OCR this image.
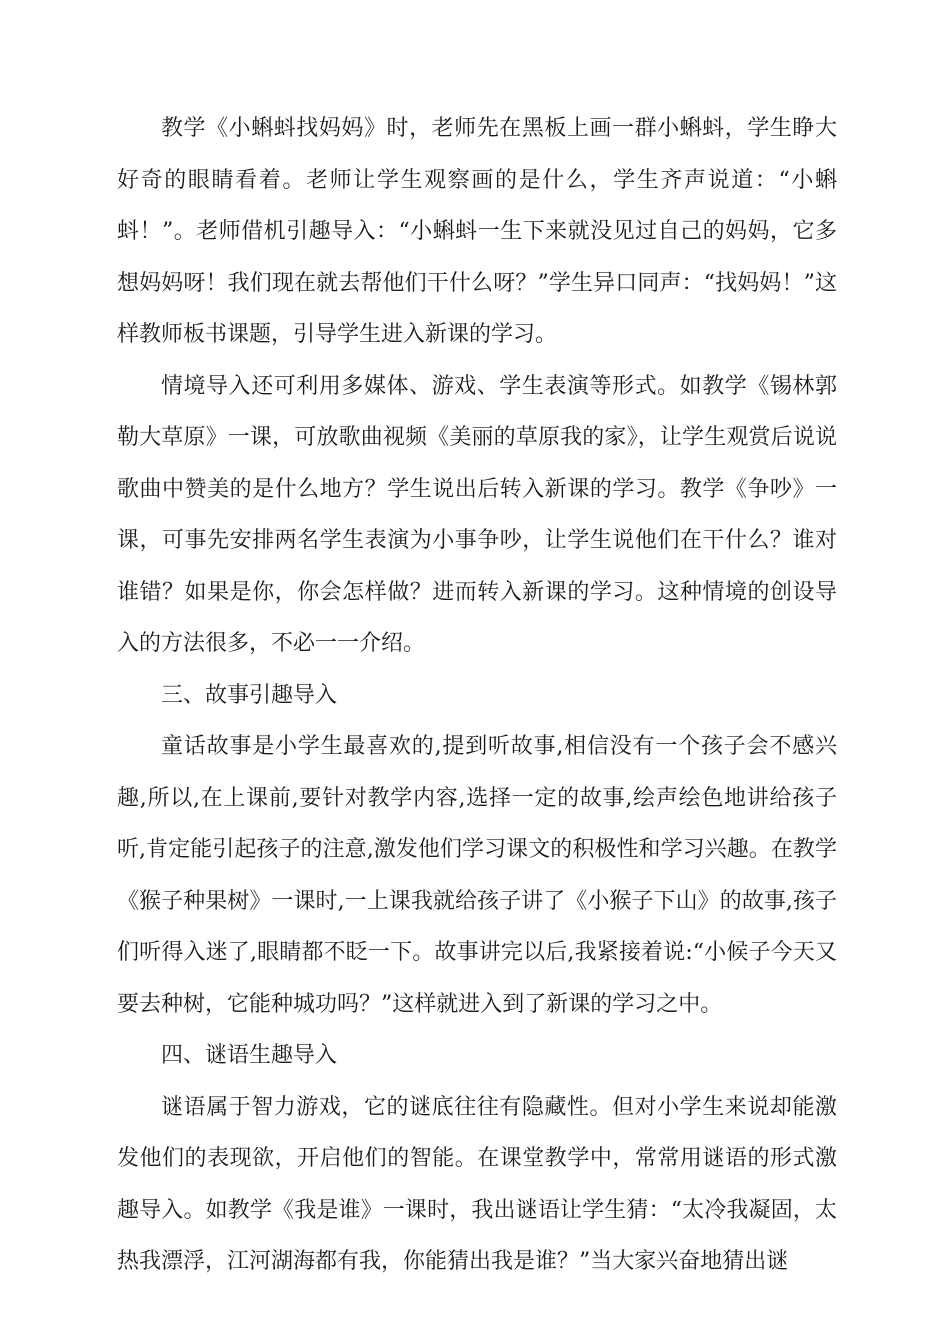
教学《小蝌蚪找妈妈》时，老师先在黑板上画一群小蝌蚪，学生睁大好奇的眼睛看着。老师让学生观察画的是什么，学生齐声说道：“小蝌蚪！”。老师借机引趣导入：“小蝌蚪一生下来就没见过自己的妈妈，它多想妈妈呀！我们现在就去帮他们干什么呀？”学生异口同声：“找妈妈！”这样教师板书课题，引导学生进入新课的学习。

情境导入还可利用多媒体、游戏、学生表演等形式。如教学《锡林郭勒大草原》一课，可放歌曲视频《美丽的草原我的家》，让学生观赏后说说歌曲中赞美的是什么地方？学生说出后转入新课的学习。教学《争吵》一课，可事先安排两名学生表演为小事争吵，让学生说他们在干什么？谁对谁错？如果是你，你会怎样做？进而转入新课的学习。这种情境的创设导入的方法很多，不必一一介绍。

三、故事引趣导入

童话故事是小学生最喜欢的,提到听故事,相信没有一个孩子会不感兴趣,所以,在上课前,要针对教学内容,选择一定的故事,绘声绘色地讲给孩子听,肯定能引起孩子的注意,激发他们学习课文的积极性和学习兴趣。在教学《猴子种果树》一课时,一上课我就给孩子讲了《小猴子下山》的故事,孩子们听得入迷了,眼睛都不眨一下。故事讲完以后,我紧接着说:“小候子今天又要去种树，它能种城功吗？”这样就进入到了新课的学习之中。

四、谜语生趣导入

谜语属于智力游戏，它的谜底往往有隐藏性。但对小学生来说却能激发他们的表现欲，开启他们的智能。在课堂教学中，常常用谜语的形式激趣导入。如教学《我是谁》一课时，我出谜语让学生猜：“太冷我凝固，太热我漂浮，江河湖海都有我，你能猜出我是谁？”当大家兴奋地猜出谜
